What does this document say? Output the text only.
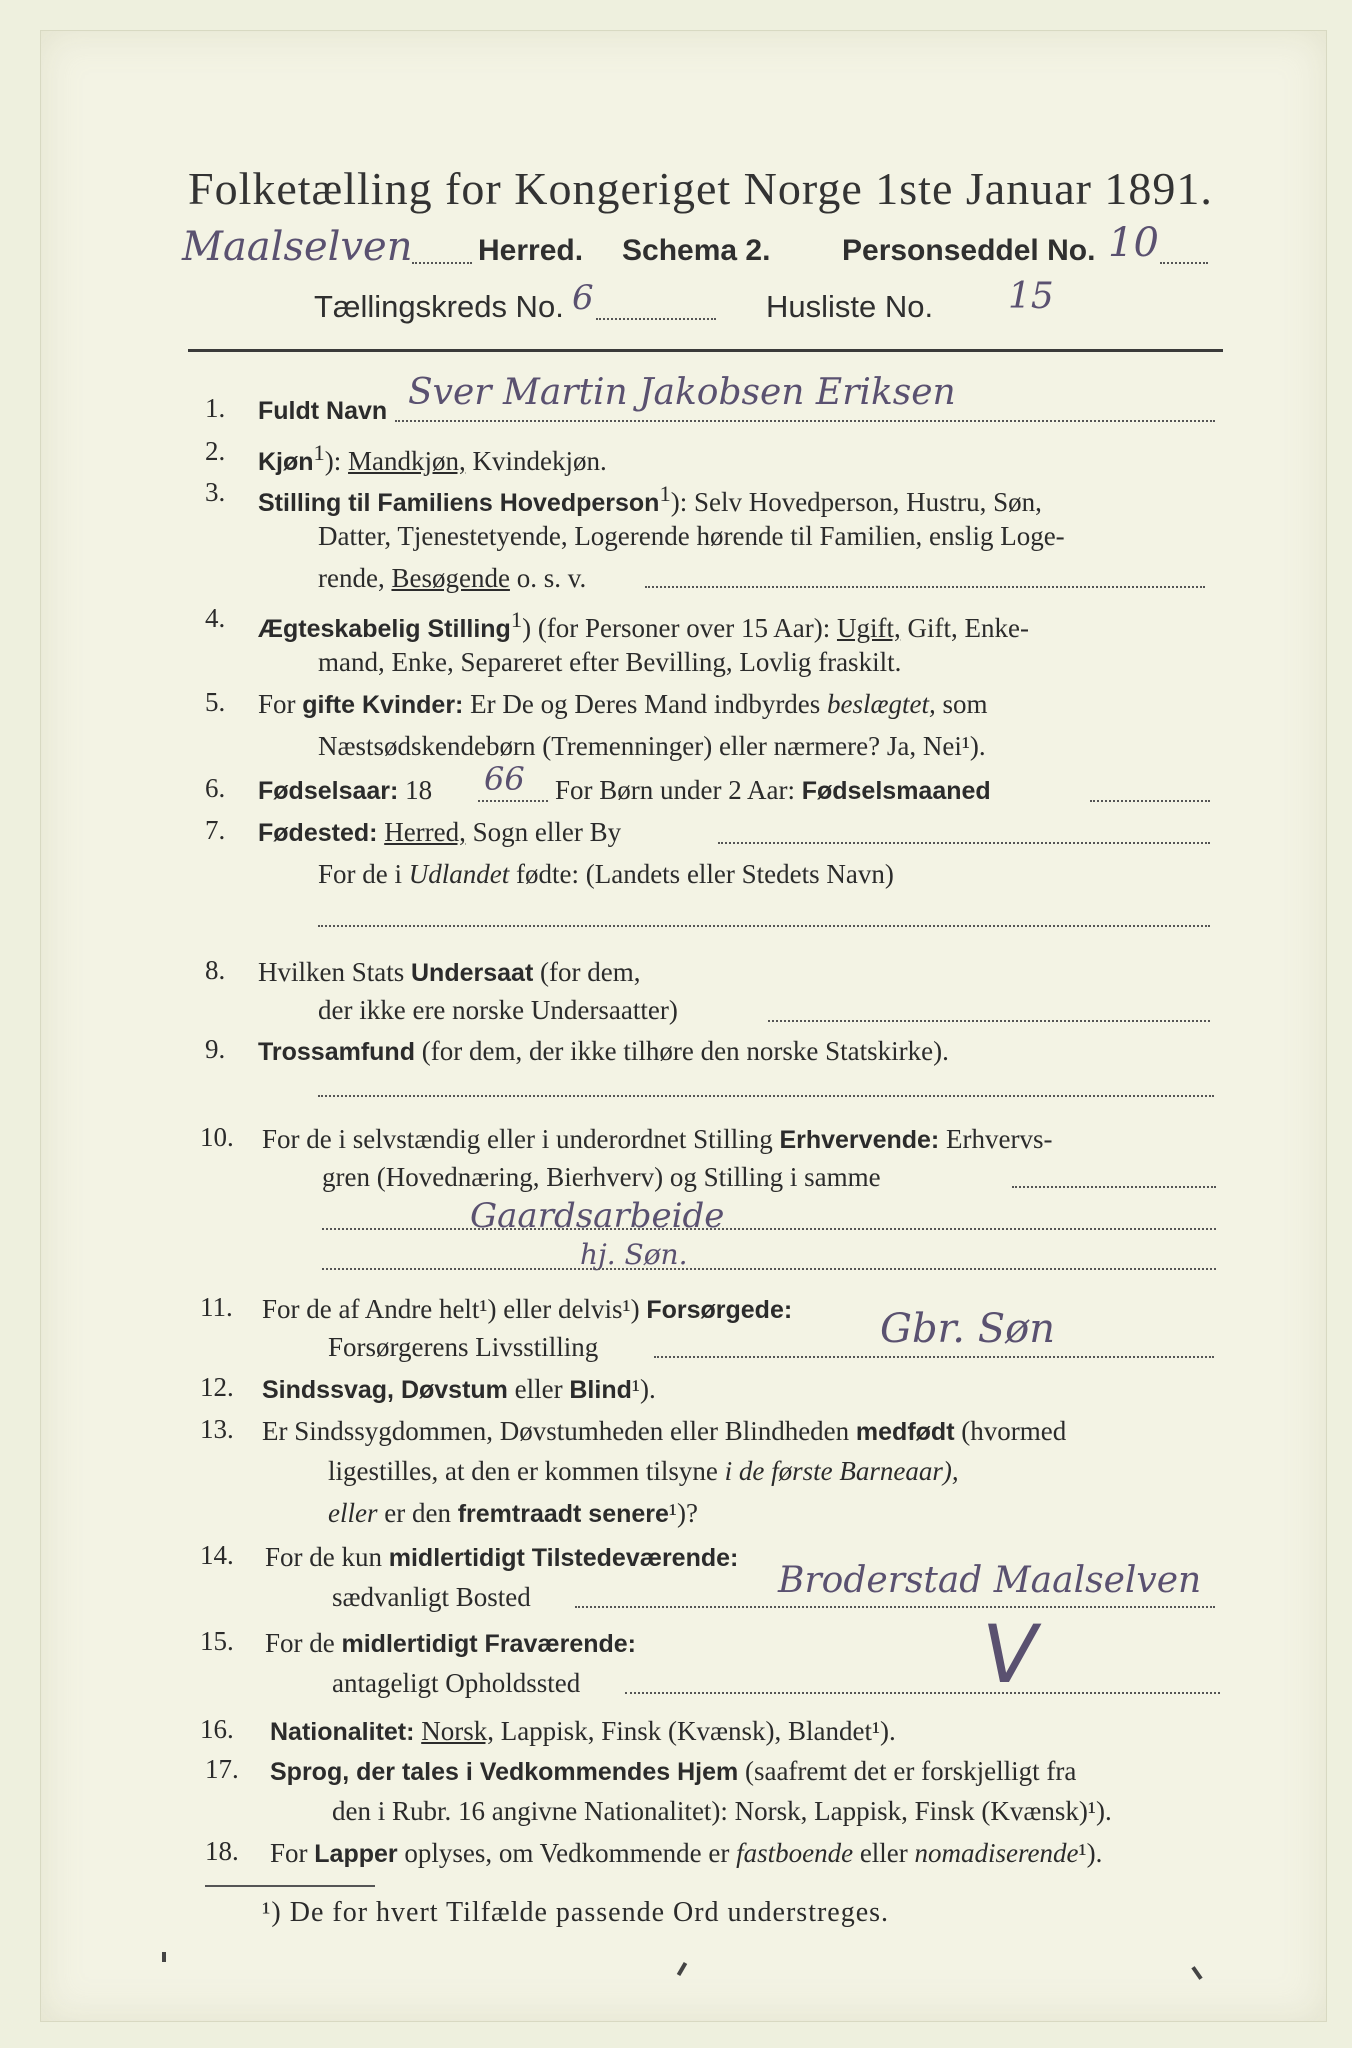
Folketælling for Kongeriget Norge 1ste Januar 1891.
Maalselven Herred. Schema 2. Personseddel No. 10
Tællingskreds No. 6	Husliste No. 15
1.	Fuldt Navn Sver Martin Jakobsen Eriksen
2.	Kjøn$^1$): Mandkjøn, Kvindekjøn.
3.	Stilling til Familiens Hovedperson$^1$): Selv Hovedperson, Hustru, Søn,
Datter, Tjenestetyende, Logerende hørende til Familien, enslig Loge-
rende, Besøgende o. s. v.
4.	Ægteskabelig Stilling$^1$) (for Personer over 15 Aar): Ugift, Gift, Enke-
mand, Enke, Separeret efter Bevilling, Lovlig fraskilt.
5.	For gifte Kvinder: Er De og Deres Mand indbyrdes beslægtet, som
Næstsødskendebørn (Tremenninger) eller nærmere? Ja, Nei¹).
6.	Fødselsaar: 18 66 For Børn under 2 Aar: Fødselsmaaned
7.	Fødested: Herred, Sogn eller By
For de i Udlandet fødte: (Landets eller Stedets Navn)
8.	Hvilken Stats Undersaat (for dem,
der ikke ere norske Undersaatter)
9.	Trossamfund (for dem, der ikke tilhøre den norske Statskirke).
10.	For de i selvstændig eller i underordnet Stilling Erhvervende: Erhvervs-
gren (Hovednæring, Bierhverv) og Stilling i samme
Gaardsarbeide
hj. Søn.
11.	For de af Andre helt¹) eller delvis¹) Forsørgede:
Forsørgerens Livsstilling	Gbr. Søn
12.	Sindssvag, Døvstum eller Blind¹).
13.	Er Sindssygdommen, Døvstumheden eller Blindheden medfødt (hvormed
ligestilles, at den er kommen tilsyne i de første Barneaar),
eller er den fremtraadt senere¹)?
14.	For de kun midlertidigt Tilstedeværende:
sædvanligt Bosted	Broderstad Maalselven
15.	For de midlertidigt Fraværende:
antageligt Opholdssted	V
16.	Nationalitet: Norsk, Lappisk, Finsk (Kvænsk), Blandet¹).
17.	Sprog, der tales i Vedkommendes Hjem (saafremt det er forskjelligt fra
den i Rubr. 16 angivne Nationalitet): Norsk, Lappisk, Finsk (Kvænsk)¹).
18.	For Lapper oplyses, om Vedkommende er fastboende eller nomadiserende¹).
¹) De for hvert Tilfælde passende Ord understreges.
